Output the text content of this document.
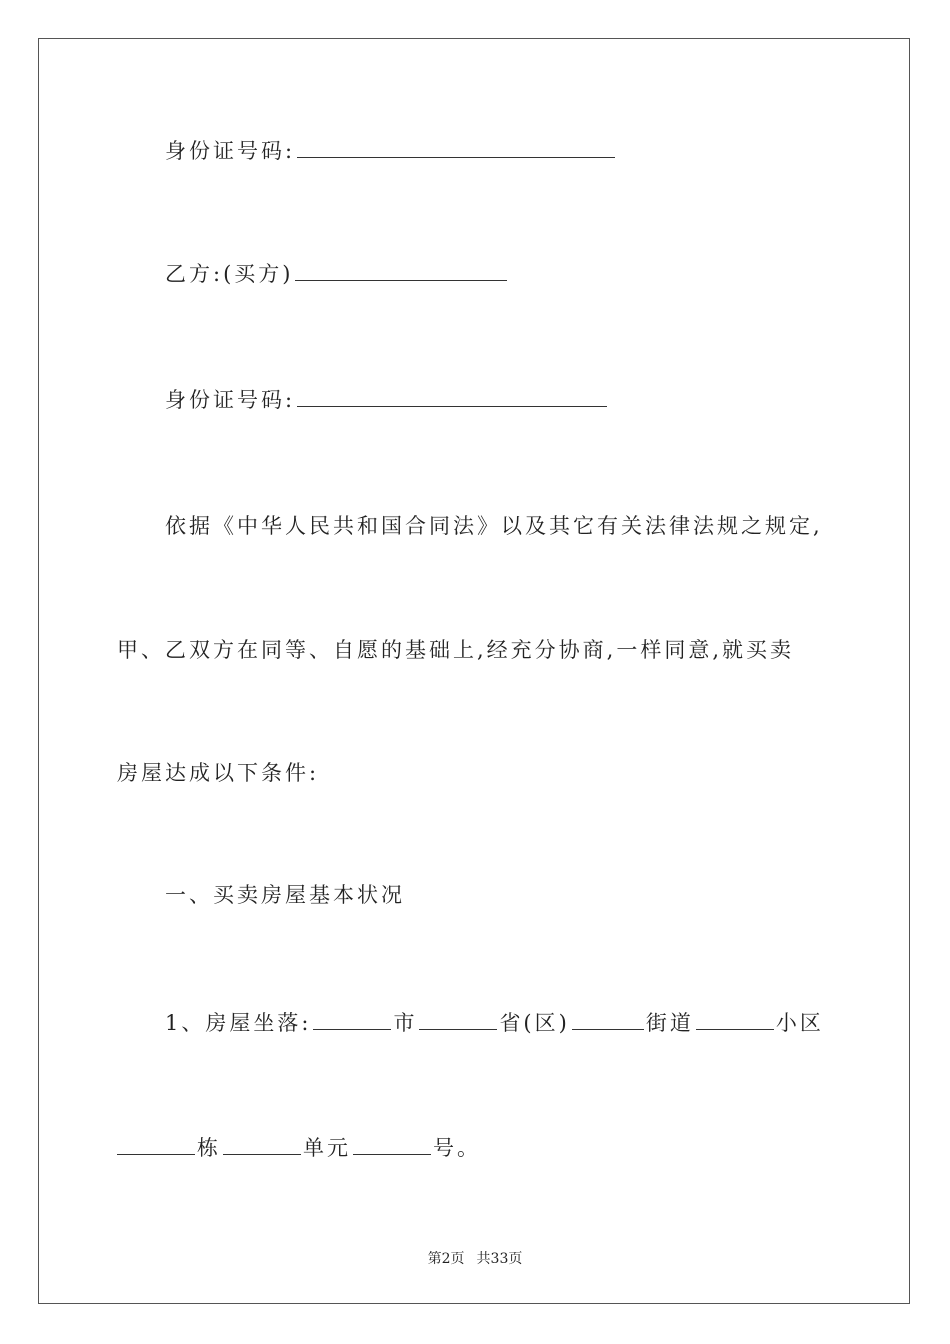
身份证号码:
乙方:(买方)
身份证号码:
依据《中华人民共和国合同法》以及其它有关法律法规之规定,
甲、乙双方在同等、自愿的基础上,经充分协商,一样同意,就买卖
房屋达成以下条件:
一、买卖房屋基本状况
1、房屋坐落:	市	省(区)	街道	小区
栋	单元	号。
第2页 共33页
